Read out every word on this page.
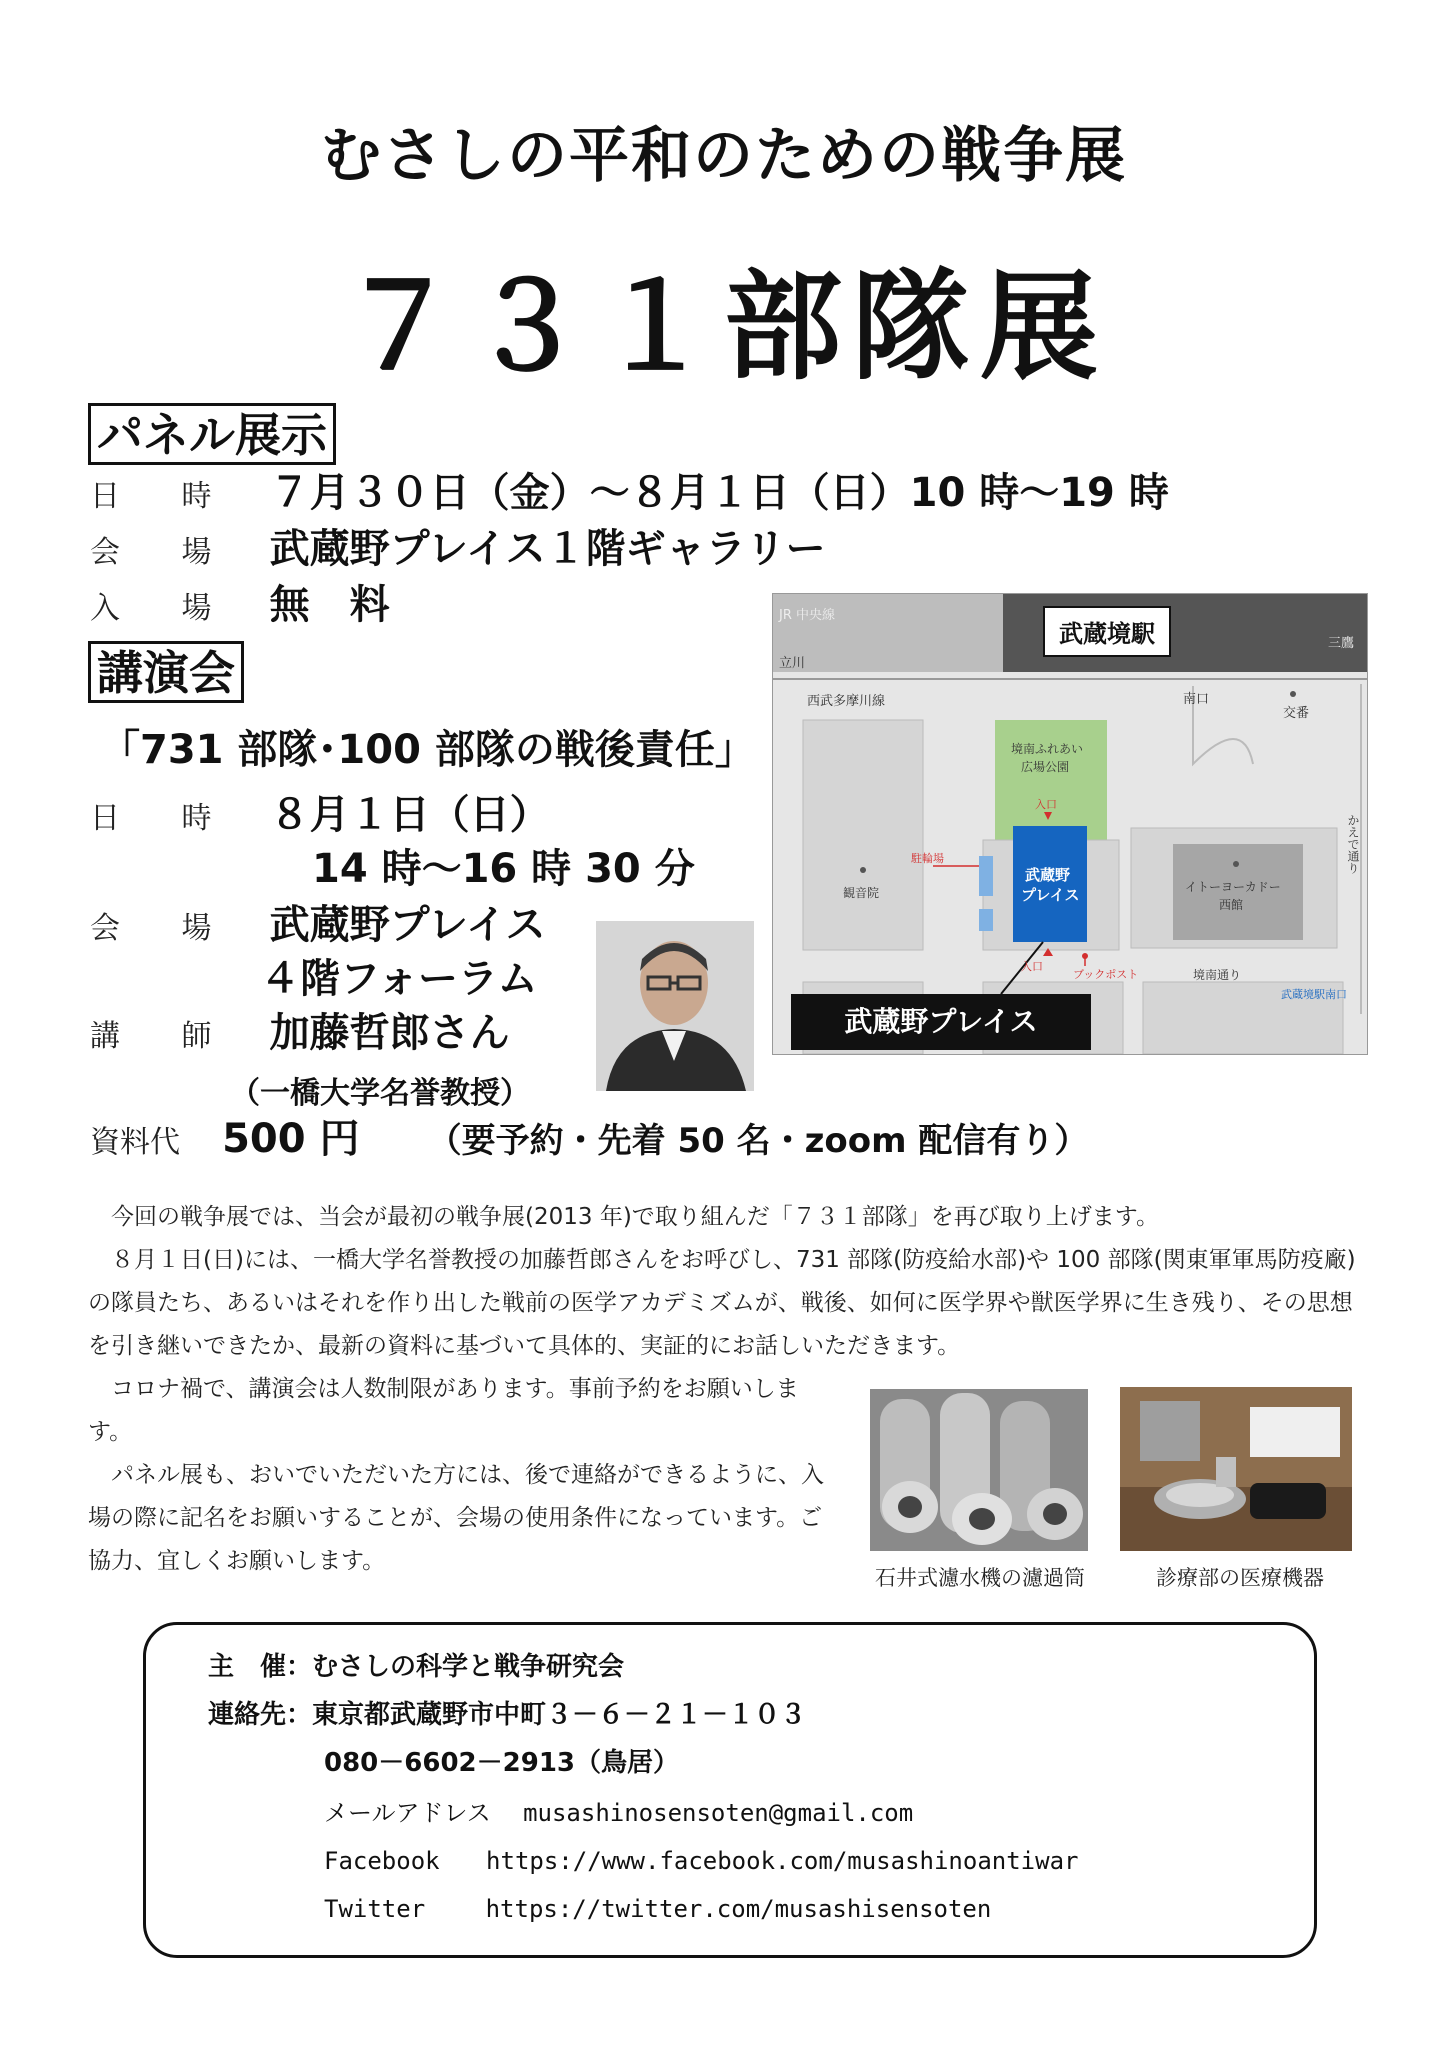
むさしの平和のための戦争展
７３１部隊展
パネル展示
日 時 ７月３０日（金）～８月１日（日）10 時～19 時
会 場 武蔵野プレイス１階ギャラリー
入 場 無　料
講演会
「731 部隊･100 部隊の戦後責任」
日 時 ８月１日（日）
14 時～16 時 30 分
会 場 武蔵野プレイス
４階フォーラム
講 師 加藤哲郎さん
（一橋大学名誉教授）
資料代 500 円 （要予約・先着 50 名・zoom 配信有り）
JR 中央線
立川
西武多摩川線
三鷹
武蔵境駅
南口
交番
境南ふれあい
広場公園
入口
駐輪場
武蔵野
プレイス
観音院	イトーヨーカドー
西館
かえで通り
入口
ブックポスト	境南通り
武蔵境駅南口
武蔵野プレイス
今回の戦争展では、当会が最初の戦争展(2013 年)で取り組んだ「７３１部隊」を再び取り上げます。
８月１日(日)には、一橋大学名誉教授の加藤哲郎さんをお呼びし、731 部隊(防疫給水部)や 100 部隊(関東軍軍馬防疫廠)の隊員たち、あるいはそれを作り出した戦前の医学アカデミズムが、戦後、如何に医学界や獣医学界に生き残り、その思想を引き継いできたか、最新の資料に基づいて具体的、実証的にお話しいただきます。
コロナ禍で、講演会は人数制限があります。事前予約をお願いします。
パネル展も、おいでいただいた方には、後で連絡ができるように、入場の際に記名をお願いすることが、会場の使用条件になっています。ご協力、宜しくお願いします。
石井式濾水機の濾過筒	診療部の医療機器
主　催：むさしの科学と戦争研究会
連絡先：東京都武蔵野市中町３－６－２１－１０３
080－6602－2913（鳥居）
メールアドレス musashinosensoten@gmail.com
Facebook https://www.facebook.com/musashinoantiwar
Twitter	https://twitter.com/musashisensoten
